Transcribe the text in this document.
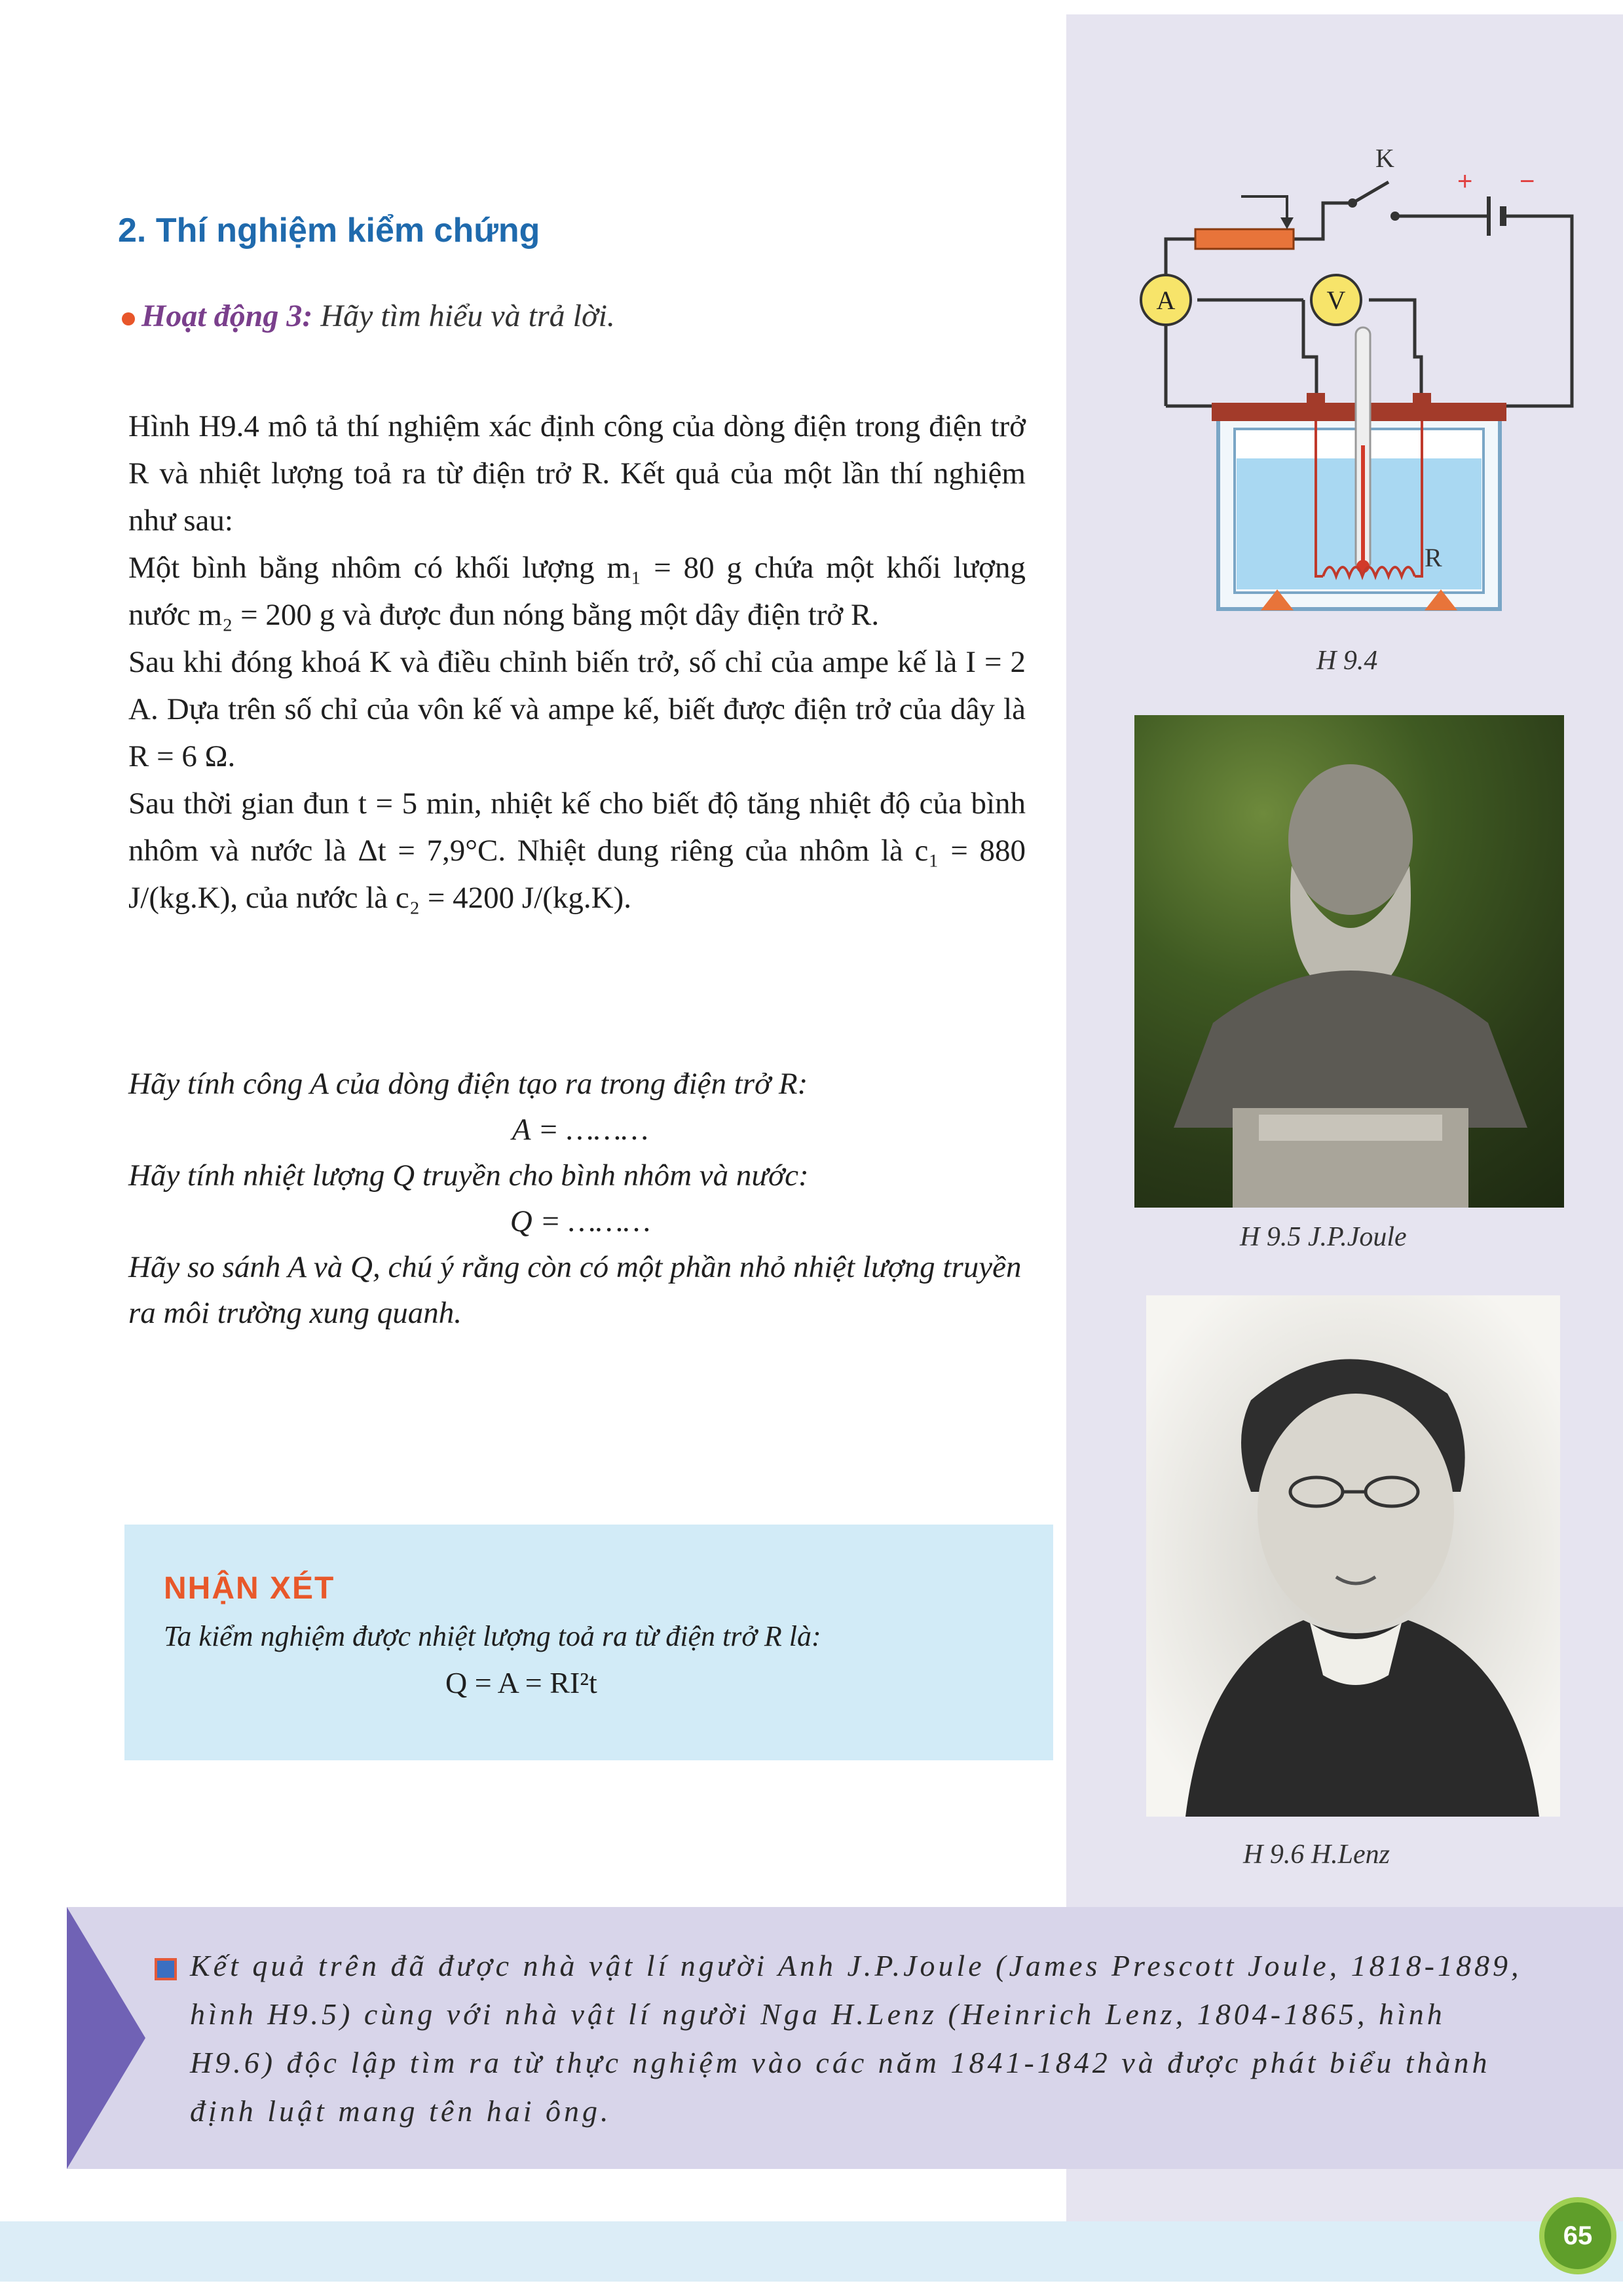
2. Thí nghiệm kiểm chứng
Hoạt động 3: Hãy tìm hiểu và trả lời.

Hình H9.4 mô tả thí nghiệm xác định công của dòng điện trong điện trở R và nhiệt lượng toả ra từ điện trở R. Kết quả của một lần thí nghiệm như sau:

Một bình bằng nhôm có khối lượng m₁ = 80 g chứa một khối lượng nước m₂ = 200 g và được đun nóng bằng một dây điện trở R.

Sau khi đóng khoá K và điều chỉnh biến trở, số chỉ của ampe kế là I = 2 A. Dựa trên số chỉ của vôn kế và ampe kế, biết được điện trở của dây là R = 6 Ω.

Sau thời gian đun t = 5 min, nhiệt kế cho biết độ tăng nhiệt độ của bình nhôm và nước là Δt = 7,9°C. Nhiệt dung riêng của nhôm là c₁ = 880 J/(kg.K), của nước là c₂ = 4200 J/(kg.K).

Hãy tính công A của dòng điện tạo ra trong điện trở R:

A = ………

Hãy tính nhiệt lượng Q truyền cho bình nhôm và nước:

Q = ………

Hãy so sánh A và Q, chú ý rằng còn có một phần nhỏ nhiệt lượng truyền ra môi trường xung quanh.

NHẬN XÉT
Ta kiểm nghiệm được nhiệt lượng toả ra từ điện trở R là:
Q = A = RI²t
K
+ −
A	V
R
H 9.4
H 9.5 J.P.Joule
H 9.6 H.Lenz

Kết quả trên đã được nhà vật lí người Anh J.P.Joule (James Prescott Joule, 1818-1889, hình H9.5) cùng với nhà vật lí người Nga H.Lenz (Heinrich Lenz, 1804-1865, hình H9.6) độc lập tìm ra từ thực nghiệm vào các năm 1841-1842 và được phát biểu thành định luật mang tên hai ông.

65
